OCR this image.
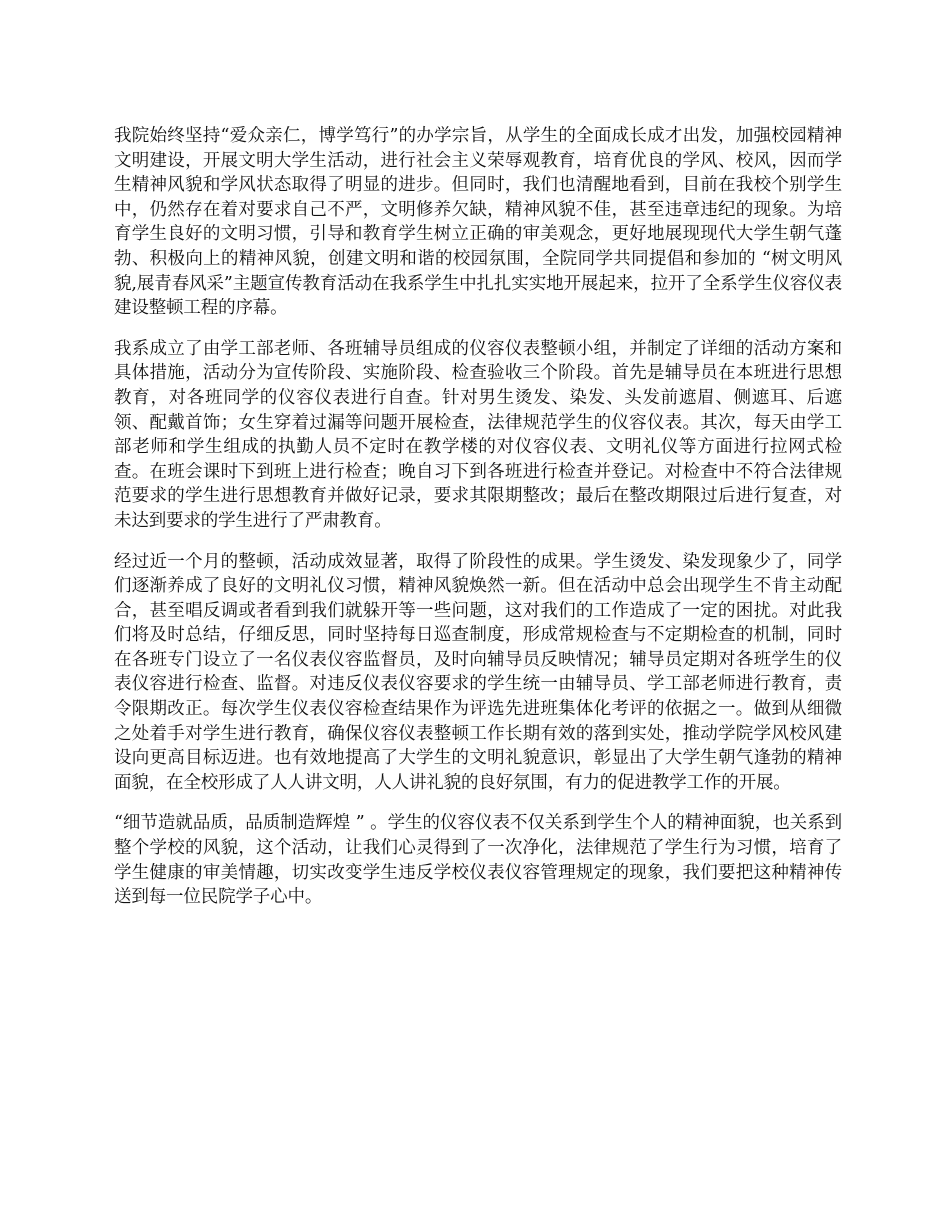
我院始终坚持“爱众亲仁，博学笃行”的办学宗旨，从学生的全面成长成才出发，加强校园精神文明建设，开展文明大学生活动，进行社会主义荣辱观教育，培育优良的学风、校风，因而学生精神风貌和学风状态取得了明显的进步。但同时，我们也清醒地看到，目前在我校个别学生中，仍然存在着对要求自己不严，文明修养欠缺，精神风貌不佳，甚至违章违纪的现象。为培育学生良好的文明习惯，引导和教育学生树立正确的审美观念，更好地展现现代大学生朝气蓬勃、积极向上的精神风貌，创建文明和谐的校园氛围，全院同学共同提倡和参加的 “树文明风貌,展青春风采”主题宣传教育活动在我系学生中扎扎实实地开展起来，拉开了全系学生仪容仪表建设整顿工程的序幕。

我系成立了由学工部老师、各班辅导员组成的仪容仪表整顿小组，并制定了详细的活动方案和具体措施，活动分为宣传阶段、实施阶段、检查验收三个阶段。首先是辅导员在本班进行思想教育，对各班同学的仪容仪表进行自查。针对男生烫发、染发、头发前遮眉、侧遮耳、后遮领、配戴首饰；女生穿着过漏等问题开展检查，法律规范学生的仪容仪表。其次，每天由学工部老师和学生组成的执勤人员不定时在教学楼的对仪容仪表、文明礼仪等方面进行拉网式检查。在班会课时下到班上进行检查；晚自习下到各班进行检查并登记。对检查中不符合法律规范要求的学生进行思想教育并做好记录，要求其限期整改；最后在整改期限过后进行复查，对未达到要求的学生进行了严肃教育。

经过近一个月的整顿，活动成效显著，取得了阶段性的成果。学生烫发、染发现象少了，同学们逐渐养成了良好的文明礼仪习惯，精神风貌焕然一新。但在活动中总会出现学生不肯主动配合，甚至唱反调或者看到我们就躲开等一些问题，这对我们的工作造成了一定的困扰。对此我们将及时总结，仔细反思，同时坚持每日巡查制度，形成常规检查与不定期检查的机制，同时在各班专门设立了一名仪表仪容监督员，及时向辅导员反映情况；辅导员定期对各班学生的仪表仪容进行检查、监督。对违反仪表仪容要求的学生统一由辅导员、学工部老师进行教育，责令限期改正。每次学生仪表仪容检查结果作为评选先进班集体化考评的依据之一。做到从细微之处着手对学生进行教育，确保仪容仪表整顿工作长期有效的落到实处，推动学院学风校风建设向更高目标迈进。也有效地提高了大学生的文明礼貌意识，彰显出了大学生朝气逢勃的精神面貌，在全校形成了人人讲文明，人人讲礼貌的良好氛围，有力的促进教学工作的开展。

“细节造就品质，品质制造辉煌 ” 。学生的仪容仪表不仅关系到学生个人的精神面貌，也关系到整个学校的风貌，这个活动，让我们心灵得到了一次净化，法律规范了学生行为习惯，培育了学生健康的审美情趣，切实改变学生违反学校仪表仪容管理规定的现象，我们要把这种精神传送到每一位民院学子心中。
